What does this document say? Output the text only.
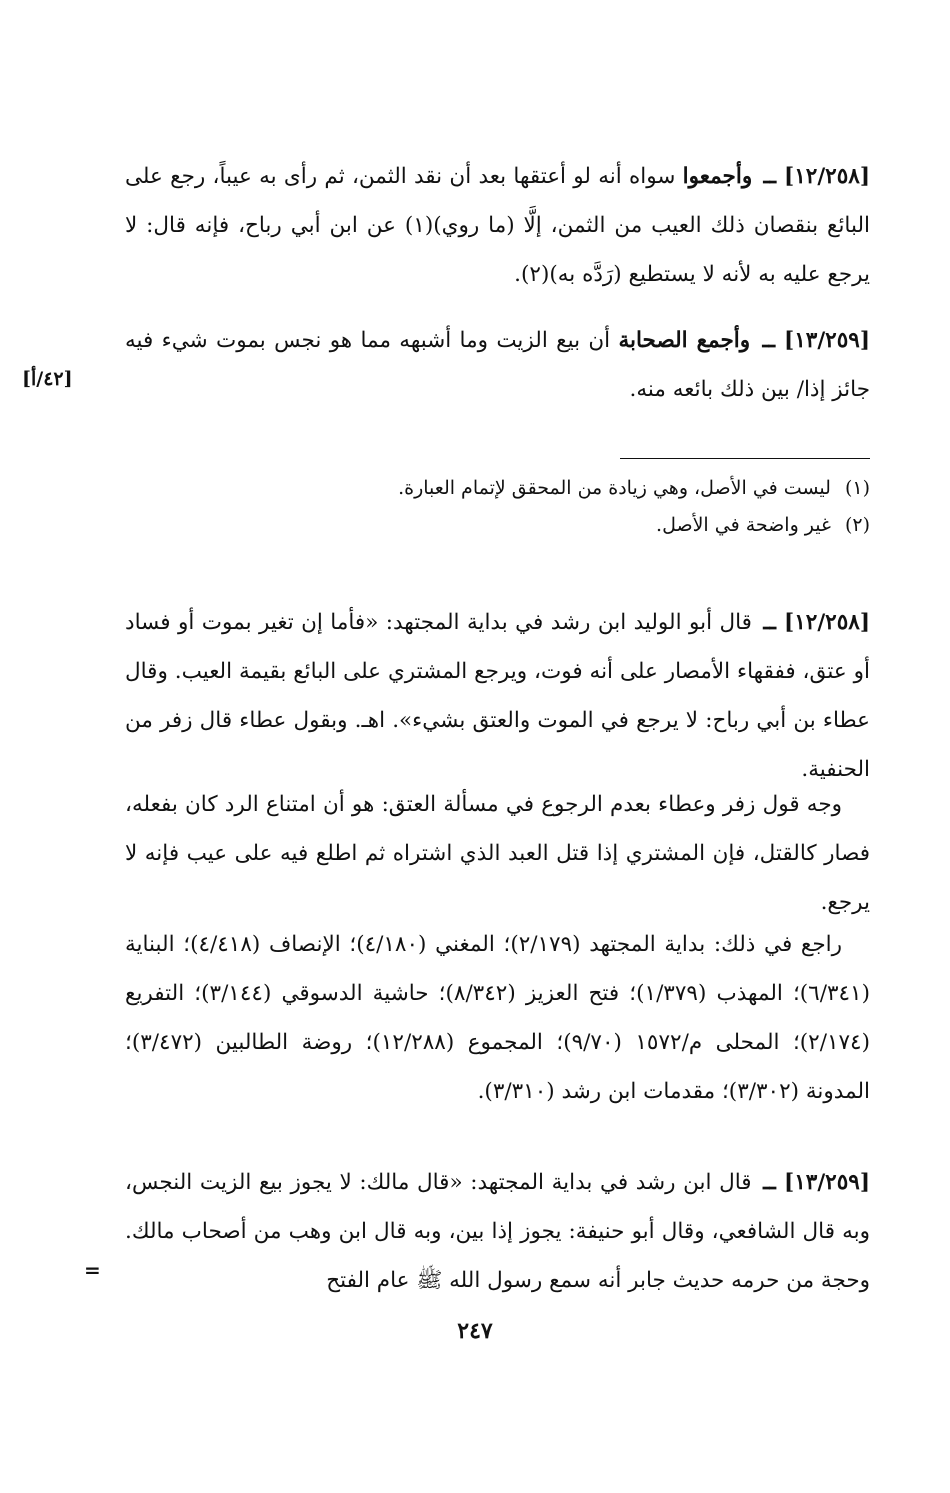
[١٢/٢٥٨] ــ وأجمعوا سواه أنه لو أعتقها بعد أن نقد الثمن، ثم رأى به عيباً، رجع على البائع بنقصان ذلك العيب من الثمن، إلَّا (ما روي)(١) عن ابن أبي رباح، فإنه قال: لا يرجع عليه به لأنه لا يستطيع (رَدَّه به)(٢).

[١٣/٢٥٩] ــ وأجمع الصحابة أن بيع الزيت وما أشبهه مما هو نجس بموت شيء فيه جائز إذا/ بين ذلك بائعه منه.

[٤٢/أ]
(١)ليست في الأصل، وهي زيادة من المحقق لإتمام العبارة.
(٢)غير واضحة في الأصل.

[١٢/٢٥٨] ــ قال أبو الوليد ابن رشد في بداية المجتهد: «فأما إن تغير بموت أو فساد أو عتق، ففقهاء الأمصار على أنه فوت، ويرجع المشتري على البائع بقيمة العيب. وقال عطاء بن أبي رباح: لا يرجع في الموت والعتق بشيء». اهـ. وبقول عطاء قال زفر من الحنفية.

وجه قول زفر وعطاء بعدم الرجوع في مسألة العتق: هو أن امتناع الرد كان بفعله، فصار كالقتل، فإن المشتري إذا قتل العبد الذي اشتراه ثم اطلع فيه على عيب فإنه لا يرجع.

راجع في ذلك: بداية المجتهد (٢/١٧٩)؛ المغني (٤/١٨٠)؛ الإنصاف (٤/٤١٨)؛ البناية (٦/٣٤١)؛ المهذب (١/٣٧٩)؛ فتح العزيز (٨/٣٤٢)؛ حاشية الدسوقي (٣/١٤٤)؛ التفريع (٢/١٧٤)؛ المحلى م/١٥٧٢ (٩/٧٠)؛ المجموع (١٢/٢٨٨)؛ روضة الطالبين (٣/٤٧٢)؛ المدونة (٣/٣٠٢)؛ مقدمات ابن رشد (٣/٣١٠).

[١٣/٢٥٩] ــ قال ابن رشد في بداية المجتهد: «قال مالك: لا يجوز بيع الزيت النجس، وبه قال الشافعي، وقال أبو حنيفة: يجوز إذا بين، وبه قال ابن وهب من أصحاب مالك. وحجة من حرمه حديث جابر أنه سمع رسول الله ﷺ عام الفتح

=
٢٤٧
